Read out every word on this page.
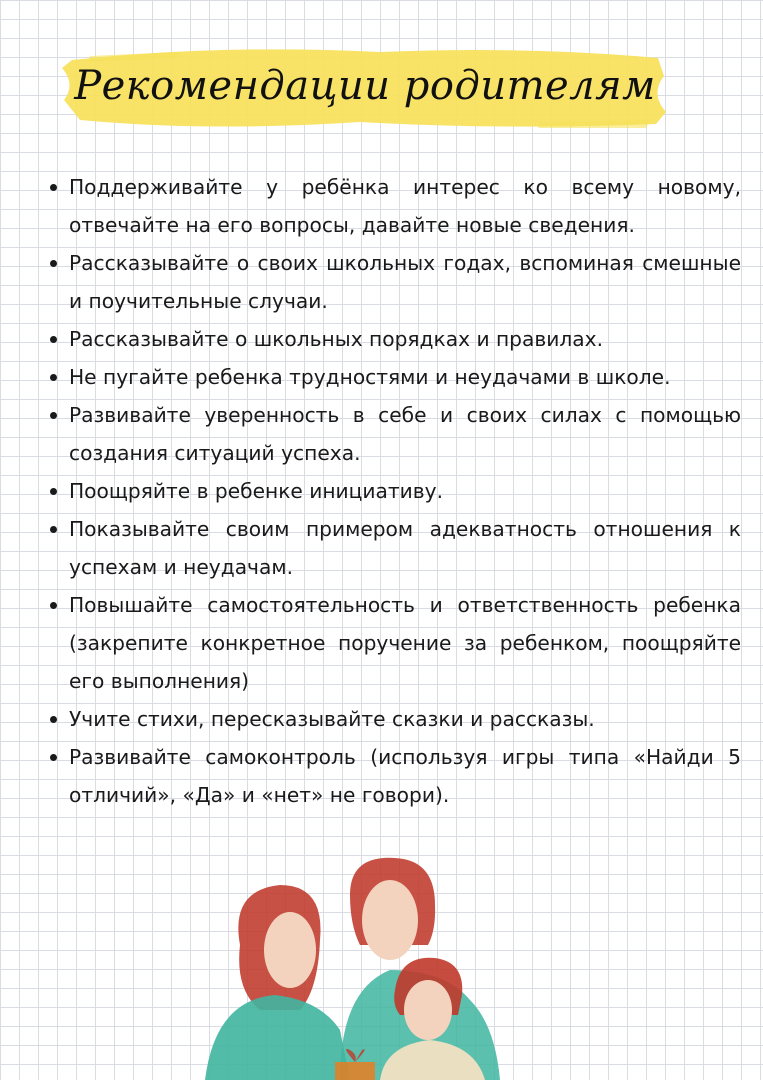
Рекомендации родителям
Поддерживайте у ребёнка интерес ко всему новому, отвечайте на его вопросы, давайте новые сведения.
Рассказывайте о своих школьных годах, вспоминая смешные и поучительные случаи.
Рассказывайте о школьных порядках и правилах.
Не пугайте ребенка трудностями и неудачами в школе.
Развивайте уверенность в себе и своих силах с помощью создания ситуаций успеха.
Поощряйте в ребенке инициативу.
Показывайте своим примером адекватность отношения к успехам и неудачам.
Повышайте самостоятельность и ответственность ребенка (закрепите конкретное поручение за ребенком, поощряйте его выполнения)
Учите стихи, пересказывайте сказки и рассказы.
Развивайте самоконтроль (используя игры типа «Найди 5 отличий», «Да» и «нет» не говори).
